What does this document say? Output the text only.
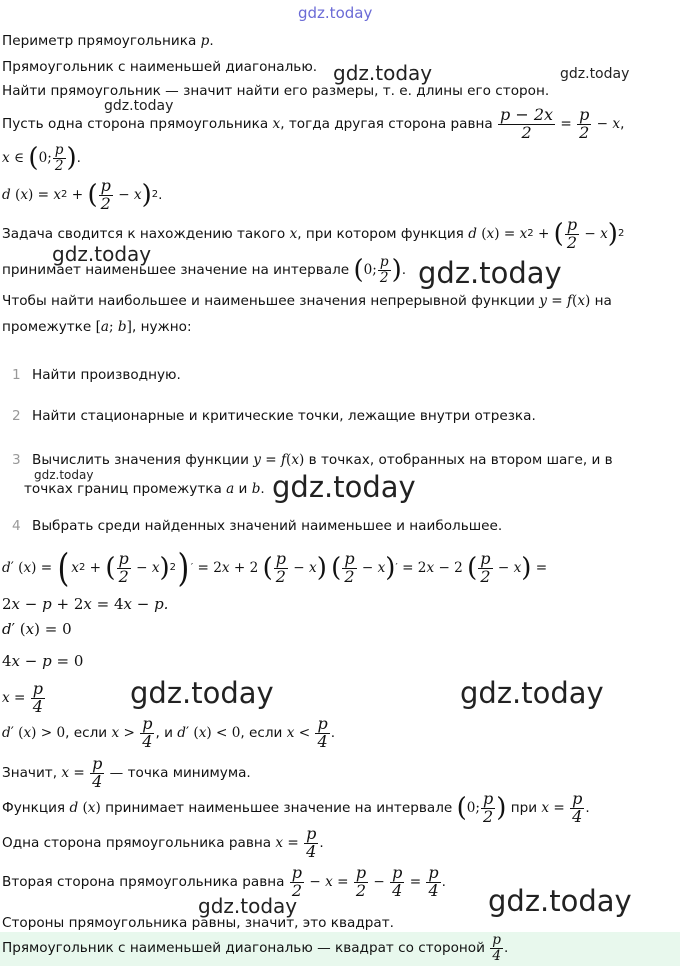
gdz.today
Периметр прямоугольника p.
Прямоугольник с наименьшей диагональю.
Найти прямоугольник — значит найти его размеры, т. е. длины его сторон.
Пусть одна сторона прямоугольника x, тогда другая сторона равна $\frac{p - 2x}{2} = \frac{p}{2} - x$,
x ∈ (0; $\frac{p}{2}$ ).
d $(x) = x^2$ + ( $\frac{p}{2} - x)^2$.
Задача сводится к нахождению такого x, при котором функция d $(x) = x^2$ + ( $\frac{p}{2} - x)^2$
принимает наименьшее значение на интервале (0; $\frac{p}{2}$ ).
Чтобы найти наибольшее и наименьшее значения непрерывной функции y = f(x) на
промежутке [a; b], нужно:
1 Найти производную.
2 Найти стационарные и критические точки, лежащие внутри отрезка.
3 Вычислить значения функции y = f(x) в точках, отобранных на втором шаге, и в
точках границ промежутка a и b.
4 Выбрать среди найденных значений наименьшее и наибольшее.
d′ $(x) = (x^2$ + ( $\frac{p}{2} - x)^2)' = 2x + 2$ ( $\frac{p}{2} - x$) ( $\frac{p}{2} - x)' = 2x - 2$ ( $\frac{p}{2} - x$) =
2x − p + 2x = 4x − p.
d′ (x) = 0
4x − p = 0
$x = \frac{p}{4}$
d′ (x) > 0, если $x > \frac{p}{4}$ , и d′ (x) < 0, если $x < \frac{p}{4}$ .
Значит, $x = \frac{p}{4}$ — точка минимума.
Функция d (x) принимает наименьшее значение на интервале (0; $\frac{p}{2}$ ) при $x = \frac{p}{4}$ .
Одна сторона прямоугольника равна $x = \frac{p}{4}$ .
Вторая сторона прямоугольника равна $\frac{p}{2} - x = \frac{p}{2} - \frac{p}{4} = \frac{p}{4}$ .
Стороны прямоугольника равны, значит, это квадрат.
Прямоугольник с наименьшей диагональю — квадрат со стороной $\frac{p}{4}$ .
gdz.today	gdz.today
gdz.today
gdz.today
gdz.today
gdz.today	gdz.today
gdz.today	gdz.today
gdz.today
gdz.today
